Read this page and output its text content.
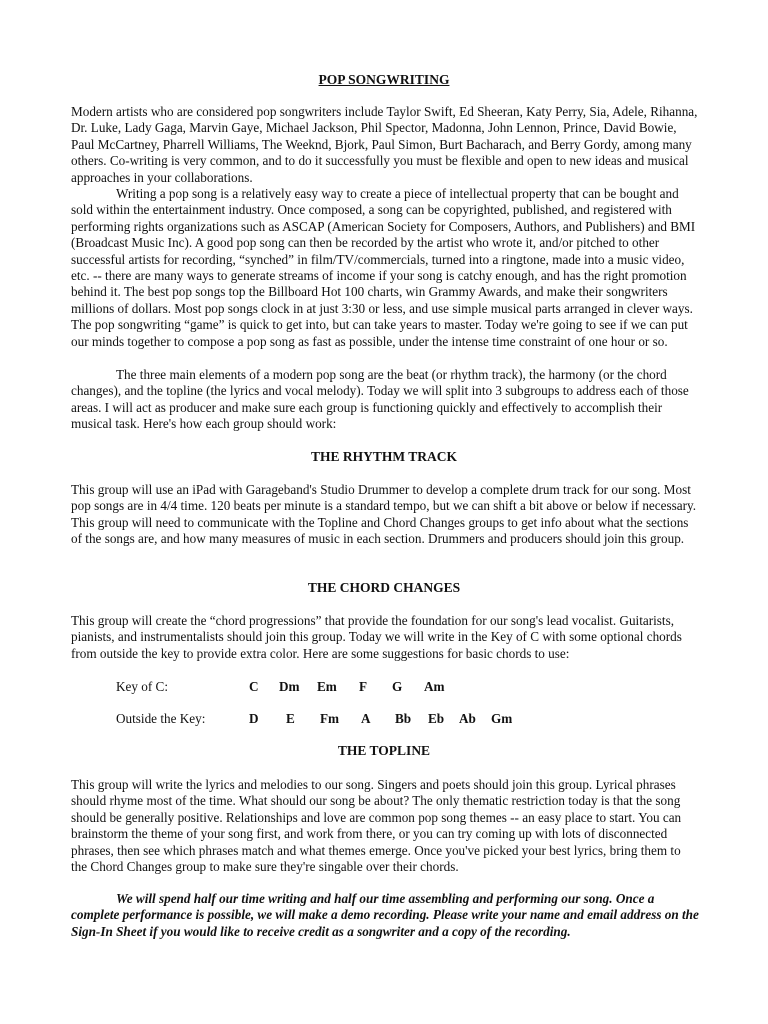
POP SONGWRITING

Modern artists who are considered pop songwriters include Taylor Swift, Ed Sheeran, Katy Perry, Sia, Adele, Rihanna, Dr. Luke, Lady Gaga, Marvin Gaye, Michael Jackson, Phil Spector, Madonna, John Lennon, Prince, David Bowie, Paul McCartney, Pharrell Williams, The Weeknd, Bjork, Paul Simon, Burt Bacharach, and Berry Gordy, among many others. Co-writing is very common, and to do it successfully you must be flexible and open to new ideas and musical approaches in your collaborations.

Writing a pop song is a relatively easy way to create a piece of intellectual property that can be bought and sold within the entertainment industry. Once composed, a song can be copyrighted, published, and registered with performing rights organizations such as ASCAP (American Society for Composers, Authors, and Publishers) and BMI (Broadcast Music Inc). A good pop song can then be recorded by the artist who wrote it, and/or pitched to other successful artists for recording, “synched” in film/TV/commercials, turned into a ringtone, made into a music video, etc. -- there are many ways to generate streams of income if your song is catchy enough, and has the right promotion behind it. The best pop songs top the Billboard Hot 100 charts, win Grammy Awards, and make their songwriters millions of dollars. Most pop songs clock in at just 3:30 or less, and use simple musical parts arranged in clever ways. The pop songwriting “game” is quick to get into, but can take years to master. Today we're going to see if we can put our minds together to compose a pop song as fast as possible, under the intense time constraint of one hour or so.

The three main elements of a modern pop song are the beat (or rhythm track), the harmony (or the chord changes), and the topline (the lyrics and vocal melody). Today we will split into 3 subgroups to address each of those areas. I will act as producer and make sure each group is functioning quickly and effectively to accomplish their musical task. Here's how each group should work:

THE RHYTHM TRACK

This group will use an iPad with Garageband's Studio Drummer to develop a complete drum track for our song. Most pop songs are in 4/4 time. 120 beats per minute is a standard tempo, but we can shift a bit above or below if necessary. This group will need to communicate with the Topline and Chord Changes groups to get info about what the sections of the songs are, and how many measures of music in each section. Drummers and producers should join this group.

THE CHORD CHANGES

This group will create the “chord progressions” that provide the foundation for our song's lead vocalist. Guitarists, pianists, and instrumentalists should join this group. Today we will write in the Key of C with some optional chords from outside the key to provide extra color. Here are some suggestions for basic chords to use:

Key of C:	C Dm Em F G Am
Outside the Key:	D E Fm A Bb Eb Ab Gm
THE TOPLINE

This group will write the lyrics and melodies to our song. Singers and poets should join this group. Lyrical phrases should rhyme most of the time. What should our song be about? The only thematic restriction today is that the song should be generally positive. Relationships and love are common pop song themes -- an easy place to start. You can brainstorm the theme of your song first, and work from there, or you can try coming up with lots of disconnected phrases, then see which phrases match and what themes emerge. Once you've picked your best lyrics, bring them to the Chord Changes group to make sure they're singable over their chords.

We will spend half our time writing and half our time assembling and performing our song. Once a complete performance is possible, we will make a demo recording. Please write your name and email address on the Sign-In Sheet if you would like to receive credit as a songwriter and a copy of the recording.
